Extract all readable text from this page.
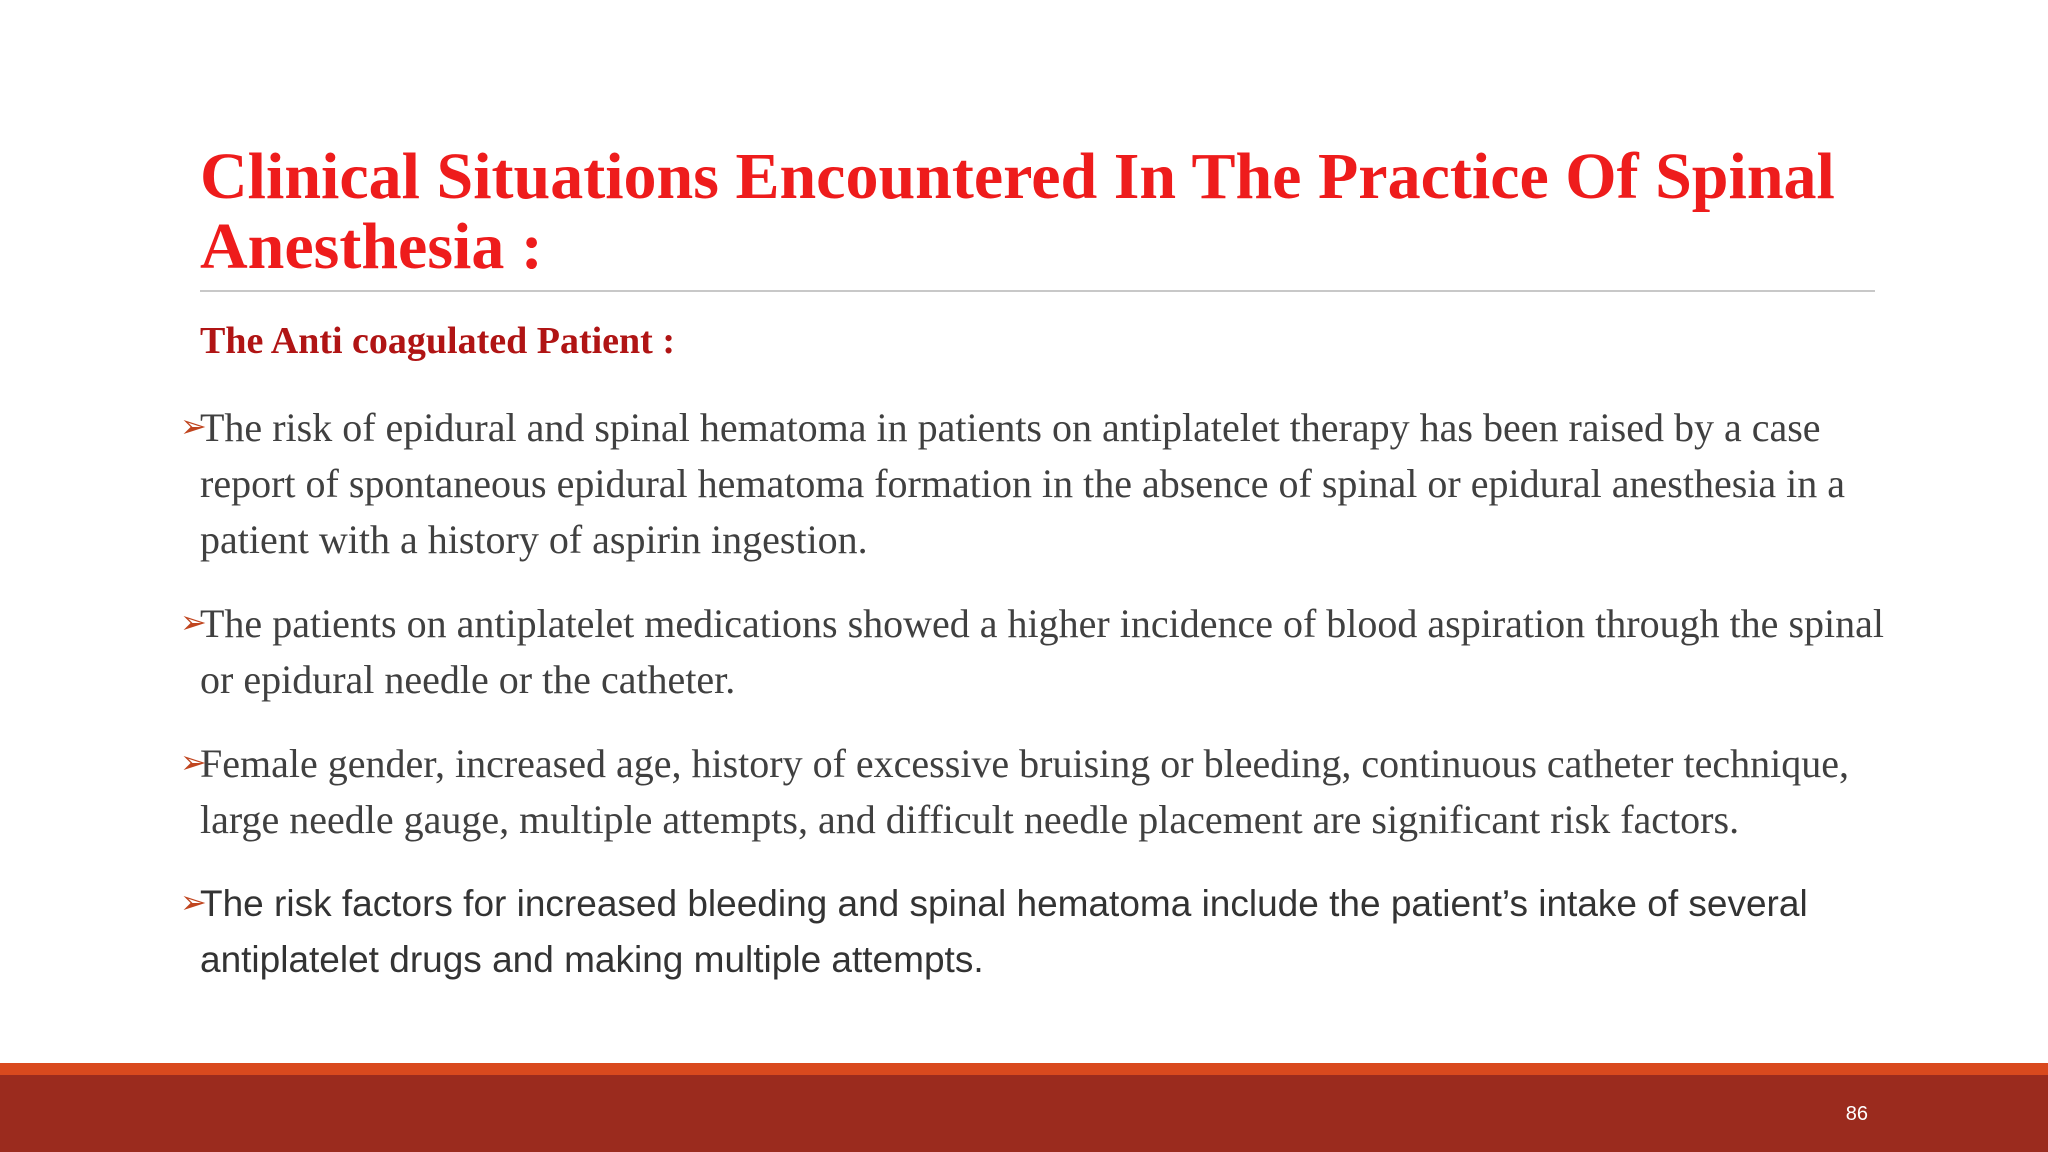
Clinical Situations Encountered In The Practice Of Spinal Anesthesia :
The Anti coagulated Patient :
➢
The risk of epidural and spinal hematoma in patients on antiplatelet therapy has been raised by a case report of spontaneous epidural hematoma formation in the absence of spinal or epidural anesthesia in a patient with a history of aspirin ingestion.
➢
The patients on antiplatelet medications showed a higher incidence of blood aspiration through the spinal or epidural needle or the catheter.
➢
Female gender, increased age, history of excessive bruising or bleeding, continuous catheter technique, large needle gauge, multiple attempts, and difficult needle placement are significant risk factors.
➢
The risk factors for increased bleeding and spinal hematoma include the patient’s intake of several antiplatelet drugs and making multiple attempts.
86
